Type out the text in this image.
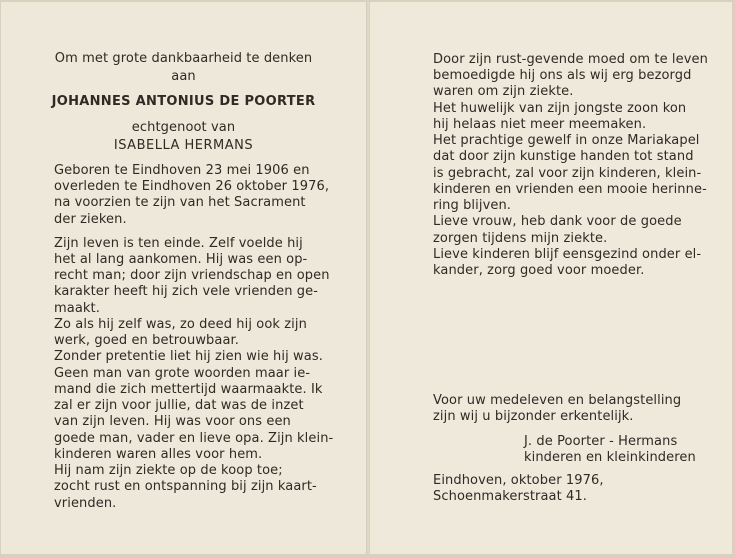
Om met grote dankbaarheid te denken

aan

JOHANNES ANTONIUS DE POORTER

echtgenoot van

ISABELLA HERMANS

Geboren te Eindhoven 23 mei 1906 en

overleden te Eindhoven 26 oktober 1976,

na voorzien te zijn van het Sacrament

der zieken.

Zijn leven is ten einde. Zelf voelde hij

het al lang aankomen. Hij was een op-

recht man; door zijn vriendschap en open

karakter heeft hij zich vele vrienden ge-

maakt.

Zo als hij zelf was, zo deed hij ook zijn

werk, goed en betrouwbaar.

Zonder pretentie liet hij zien wie hij was.

Geen man van grote woorden maar ie-

mand die zich mettertijd waarmaakte. Ik

zal er zijn voor jullie, dat was de inzet

van zijn leven. Hij was voor ons een

goede man, vader en lieve opa. Zijn klein-

kinderen waren alles voor hem.

Hij nam zijn ziekte op de koop toe;

zocht rust en ontspanning bij zijn kaart-

vrienden.

Door zijn rust-gevende moed om te leven

bemoedigde hij ons als wij erg bezorgd

waren om zijn ziekte.

Het huwelijk van zijn jongste zoon kon

hij helaas niet meer meemaken.

Het prachtige gewelf in onze Mariakapel

dat door zijn kunstige handen tot stand

is gebracht, zal voor zijn kinderen, klein-

kinderen en vrienden een mooie herinne-

ring blijven.

Lieve vrouw, heb dank voor de goede

zorgen tijdens mijn ziekte.

Lieve kinderen blijf eensgezind onder el-

kander, zorg goed voor moeder.

Voor uw medeleven en belangstelling

zijn wij u bijzonder erkentelijk.

J. de Poorter - Hermans

kinderen en kleinkinderen

Eindhoven, oktober 1976,

Schoenmakerstraat 41.
